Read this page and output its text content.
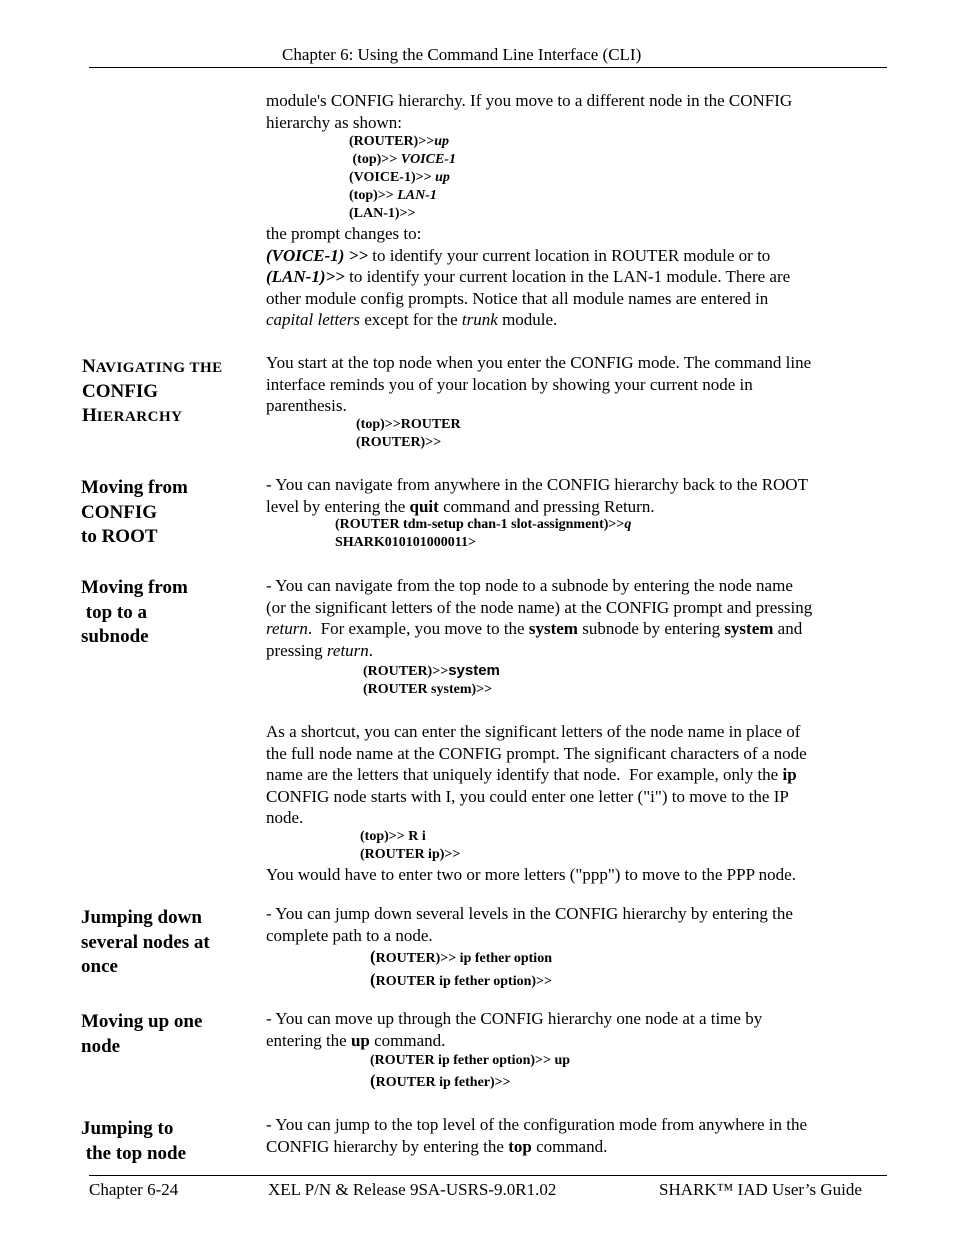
Chapter 6: Using the Command Line Interface (CLI)
module's CONFIG hierarchy. If you move to a different node in the CONFIG
hierarchy as shown:
(ROUTER)>>up
(top)>> VOICE-1
(VOICE-1)>> up
(top)>> LAN-1
(LAN-1)>>
the prompt changes to:
(VOICE-1) >> to identify your current location in ROUTER module or to
(LAN-1)>> to identify your current location in the LAN-1 module. There are
other module config prompts. Notice that all module names are entered in
capital letters except for the trunk module.
NAVIGATING THE
CONFIG
HIERARCHY
You start at the top node when you enter the CONFIG mode. The command line
interface reminds you of your location by showing your current node in
parenthesis.
(top)>>ROUTER
(ROUTER)>>
Moving from
CONFIG
to ROOT
- You can navigate from anywhere in the CONFIG hierarchy back to the ROOT
level by entering the quit command and pressing Return.
(ROUTER tdm-setup chan-1 slot-assignment)>>q
SHARK010101000011>
Moving from
top to a
subnode
- You can navigate from the top node to a subnode by entering the node name
(or the significant letters of the node name) at the CONFIG prompt and pressing
return.  For example, you move to the system subnode by entering system and
pressing return.
(ROUTER)>>system
(ROUTER system)>>
As a shortcut, you can enter the significant letters of the node name in place of
the full node name at the CONFIG prompt. The significant characters of a node
name are the letters that uniquely identify that node.  For example, only the ip
CONFIG node starts with I, you could enter one letter ("i") to move to the IP
node.
(top)>> R i
(ROUTER ip)>>
You would have to enter two or more letters ("ppp") to move to the PPP node.
Jumping down
several nodes at
once
- You can jump down several levels in the CONFIG hierarchy by entering the
complete path to a node.
(ROUTER)>> ip fether option
(ROUTER ip fether option)>>
Moving up one
node
- You can move up through the CONFIG hierarchy one node at a time by
entering the up command.
(ROUTER ip fether option)>> up
(ROUTER ip fether)>>
Jumping to
the top node
- You can jump to the top level of the configuration mode from anywhere in the
CONFIG hierarchy by entering the top command.
Chapter 6-24	XEL P/N & Release 9SA-USRS-9.0R1.02	SHARK™ IAD User’s Guide
